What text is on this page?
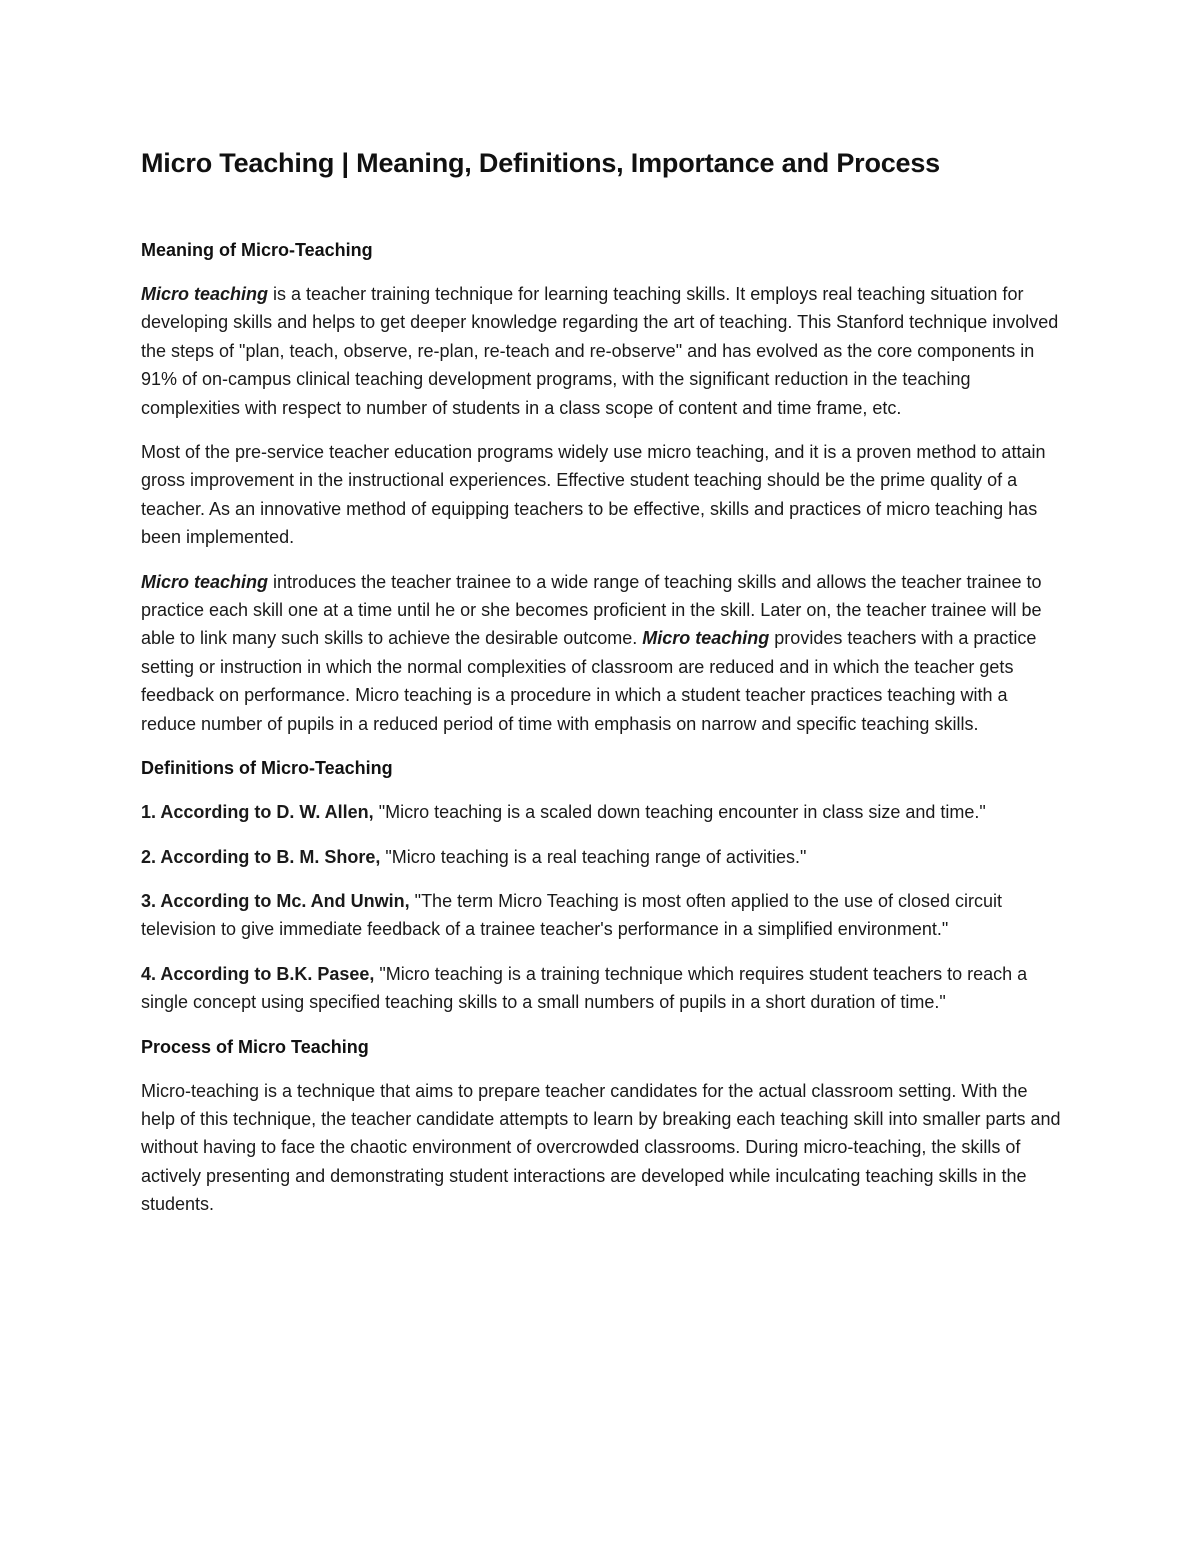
Micro Teaching | Meaning, Definitions, Importance and Process
Meaning of Micro-Teaching

Micro teaching is a teacher training technique for learning teaching skills. It employs real teaching situation for developing skills and helps to get deeper knowledge regarding the art of teaching. This Stanford technique involved the steps of "plan, teach, observe, re-plan, re-teach and re-observe" and has evolved as the core components in 91% of on-campus clinical teaching development programs, with the significant reduction in the teaching complexities with respect to number of students in a class scope of content and time frame, etc.

Most of the pre-service teacher education programs widely use micro teaching, and it is a proven method to attain gross improvement in the instructional experiences. Effective student teaching should be the prime quality of a teacher. As an innovative method of equipping teachers to be effective, skills and practices of micro teaching has been implemented.

Micro teaching introduces the teacher trainee to a wide range of teaching skills and allows the teacher trainee to practice each skill one at a time until he or she becomes proficient in the skill. Later on, the teacher trainee will be able to link many such skills to achieve the desirable outcome. Micro teaching provides teachers with a practice setting or instruction in which the normal complexities of classroom are reduced and in which the teacher gets feedback on performance. Micro teaching is a procedure in which a student teacher practices teaching with a reduce number of pupils in a reduced period of time with emphasis on narrow and specific teaching skills.

Definitions of Micro-Teaching

1. According to D. W. Allen, "Micro teaching is a scaled down teaching encounter in class size and time."

2. According to B. M. Shore, "Micro teaching is a real teaching range of activities."

3. According to Mc. And Unwin, "The term Micro Teaching is most often applied to the use of closed circuit television to give immediate feedback of a trainee teacher's performance in a simplified environment."

4. According to B.K. Pasee, "Micro teaching is a training technique which requires student teachers to reach a single concept using specified teaching skills to a small numbers of pupils in a short duration of time."

Process of Micro Teaching

Micro-teaching is a technique that aims to prepare teacher candidates for the actual classroom setting. With the help of this technique, the teacher candidate attempts to learn by breaking each teaching skill into smaller parts and without having to face the chaotic environment of overcrowded classrooms. During micro-teaching, the skills of actively presenting and demonstrating student interactions are developed while inculcating teaching skills in the students.
